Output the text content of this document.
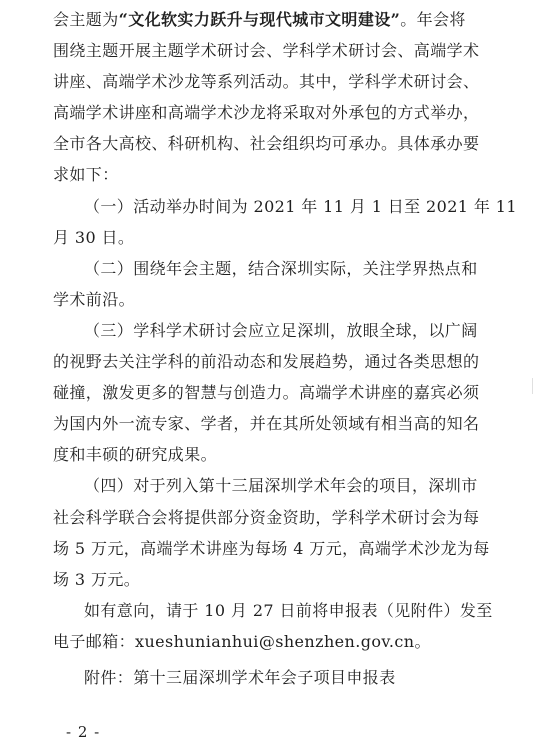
会主题为“文化软实力跃升与现代城市文明建设”。年会将
围绕主题开展主题学术研讨会、学科学术研讨会、高端学术
讲座、高端学术沙龙等系列活动。其中，学科学术研讨会、
高端学术讲座和高端学术沙龙将采取对外承包的方式举办，
全市各大高校、科研机构、社会组织均可承办。具体承办要
求如下：
（一）活动举办时间为 2021 年 11 月 1 日至 2021 年 11
月 30 日。
（二）围绕年会主题，结合深圳实际，关注学界热点和
学术前沿。
（三）学科学术研讨会应立足深圳，放眼全球，以广阔
的视野去关注学科的前沿动态和发展趋势，通过各类思想的
碰撞，激发更多的智慧与创造力。高端学术讲座的嘉宾必须
为国内外一流专家、学者，并在其所处领域有相当高的知名
度和丰硕的研究成果。
（四）对于列入第十三届深圳学术年会的项目，深圳市
社会科学联合会将提供部分资金资助，学科学术研讨会为每
场 5 万元，高端学术讲座为每场 4 万元，高端学术沙龙为每
场 3 万元。
如有意向，请于 10 月 27 日前将申报表（见附件）发至
电子邮箱：xueshunianhui@shenzhen.gov.cn。
附件：第十三届深圳学术年会子项目申报表
- 2 -
